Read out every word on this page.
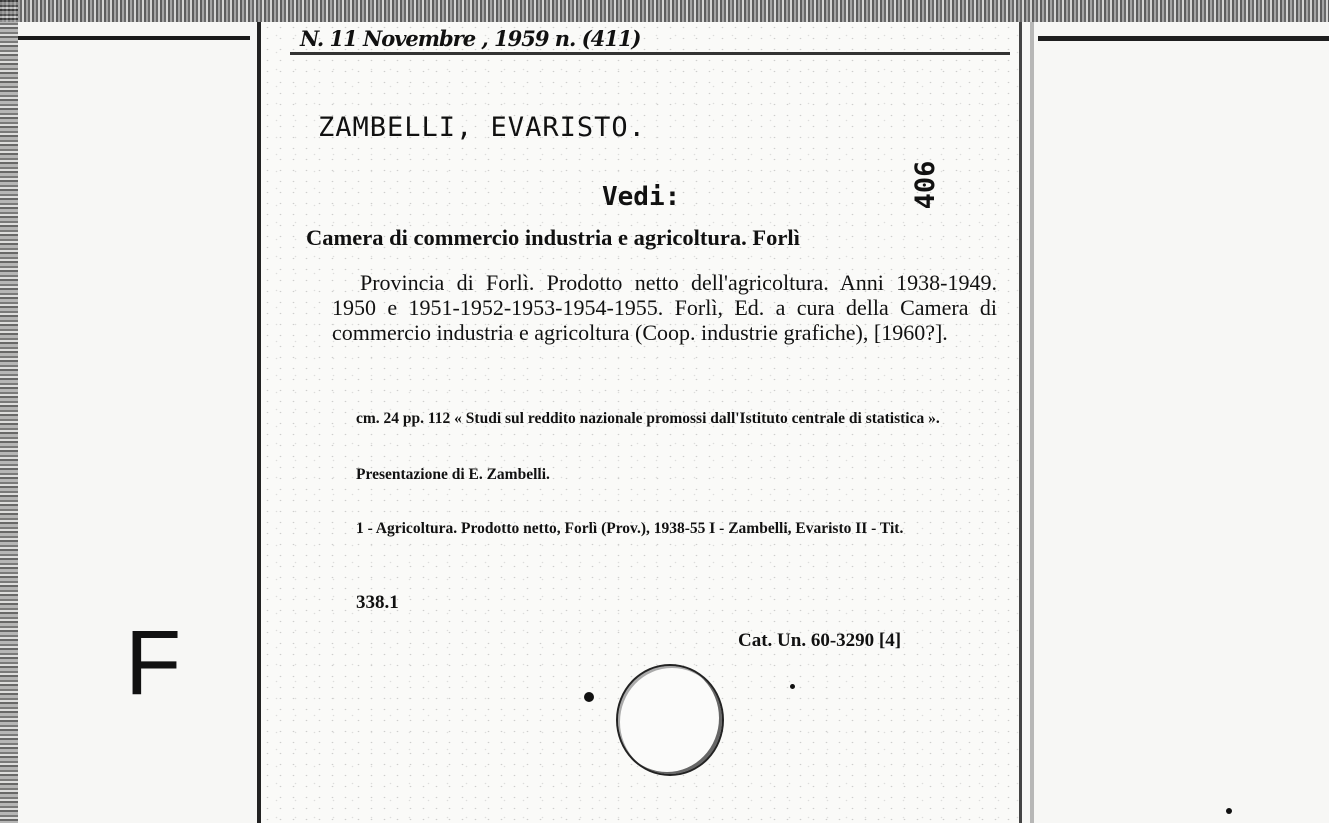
F
N. 11 Novembre , 1959 n. (411)
ZAMBELLI, EVARISTO.
Vedi:	406
Camera di commercio industria e agricoltura. Forlì
Provincia di Forlì. Prodotto netto dell'agricoltura. Anni 1938-1949. 1950 e 1951-1952-1953-1954-1955. Forlì, Ed. a cura della Camera di commercio industria e agricoltura (Coop. industrie grafiche), [1960?].
cm. 24 pp. 112 « Studi sul reddito nazionale promossi dall'Istituto centrale di statistica ».
Presentazione di E. Zambelli.
1 - Agricoltura. Prodotto netto, Forlì (Prov.), 1938-55 I - Zambelli, Evaristo II - Tit.
338.1
Cat. Un. 60-3290 [4]
